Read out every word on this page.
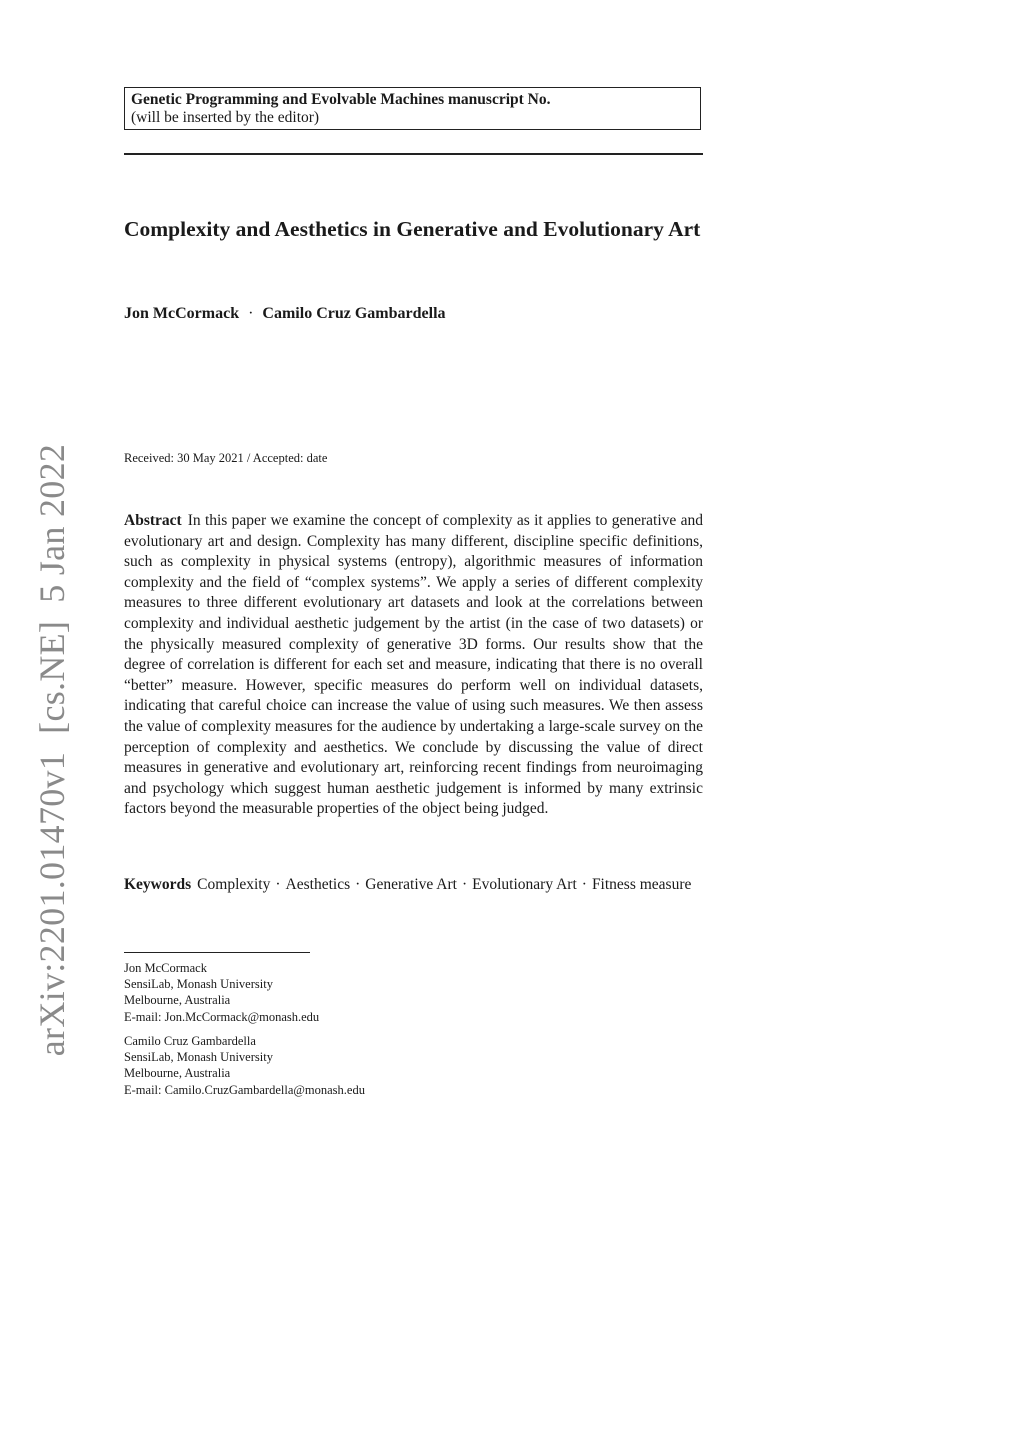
arXiv:2201.01470v1[cs.NE]5 Jan 2022
Genetic Programming and Evolvable Machines manuscript No.
(will be inserted by the editor)
Complexity and Aesthetics in Generative and Evolutionary Art
Jon McCormack · Camilo Cruz Gambardella
Received: 30 May 2021 / Accepted: date

Abstract In this paper we examine the concept of complexity as it applies to generative and evolutionary art and design. Complexity has many different, discipline specific definitions, such as complexity in physical systems (entropy), algorithmic measures of information complexity and the field of “complex systems”. We apply a series of different complexity measures to three different evolutionary art datasets and look at the correlations between complexity and individual aesthetic judgement by the artist (in the case of two datasets) or the physically measured complexity of generative 3D forms. Our results show that the degree of correlation is different for each set and measure, indicating that there is no overall “better” measure. However, specific measures do perform well on individual datasets, indicating that careful choice can increase the value of using such measures. We then assess the value of complexity measures for the audience by undertaking a large-scale survey on the perception of complexity and aesthetics. We conclude by discussing the value of direct measures in generative and evolutionary art, reinforcing recent findings from neuroimaging and psychology which suggest human aesthetic judgement is informed by many extrinsic factors beyond the measurable properties of the object being judged.

Keywords Complexity · Aesthetics · Generative Art · Evolutionary Art · Fitness measure

Jon McCormack
SensiLab, Monash University
Melbourne, Australia
E-mail: Jon.McCormack@monash.edu
Camilo Cruz Gambardella
SensiLab, Monash University
Melbourne, Australia
E-mail: Camilo.CruzGambardella@monash.edu
